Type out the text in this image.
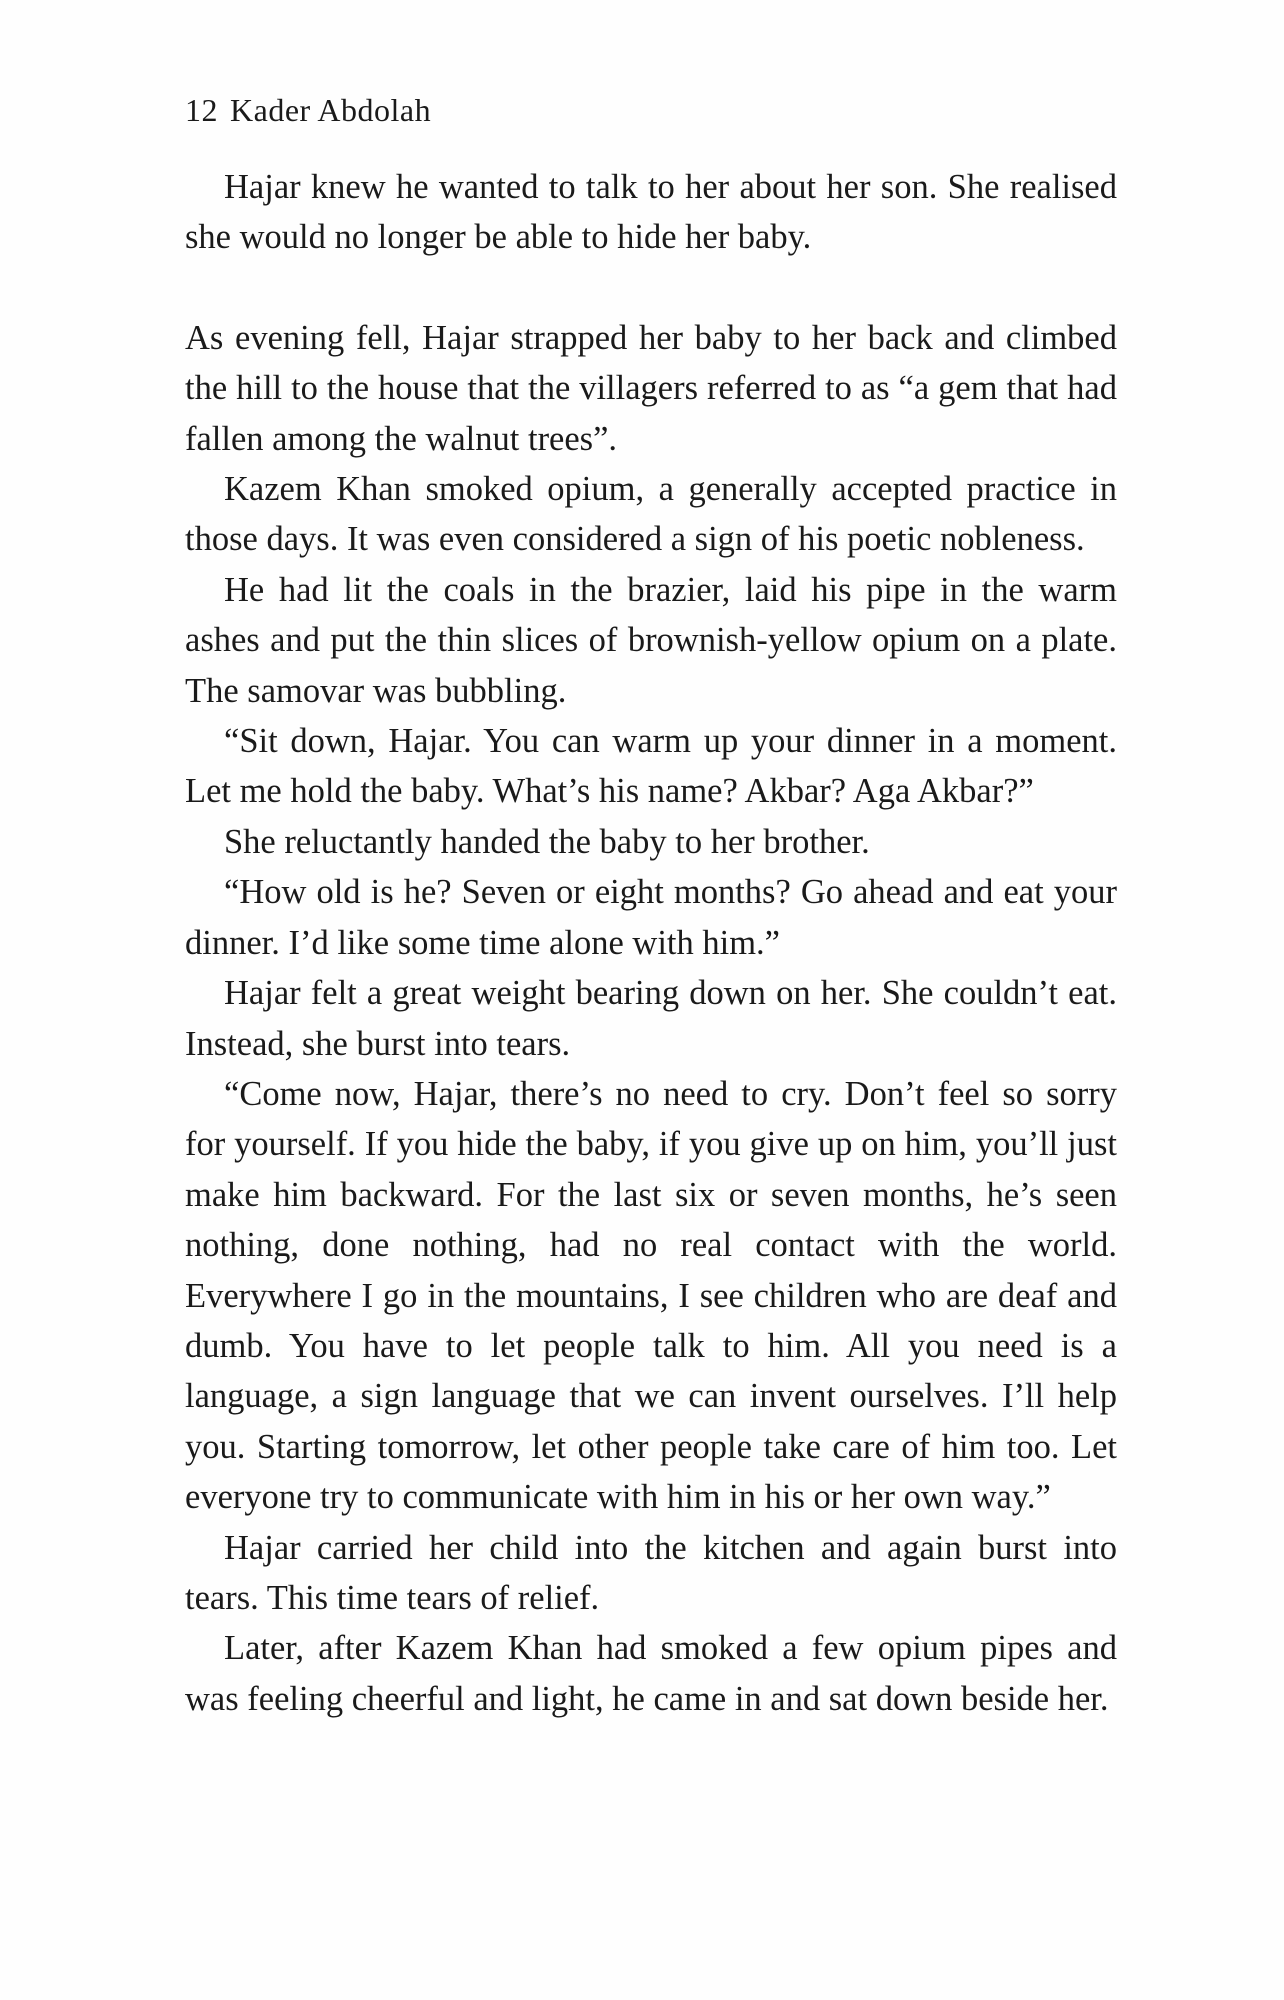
12 Kader Abdolah

Hajar knew he wanted to talk to her about her son. She realised she would no longer be able to hide her baby.

As evening fell, Hajar strapped her baby to her back and climbed the hill to the house that the villagers referred to as “a gem that had fallen among the walnut trees”.

Kazem Khan smoked opium, a generally accepted practice in those days. It was even considered a sign of his poetic nobleness.

He had lit the coals in the brazier, laid his pipe in the warm ashes and put the thin slices of brownish-yellow opium on a plate. The samovar was bubbling.

“Sit down, Hajar. You can warm up your dinner in a moment. Let me hold the baby. What’s his name? Akbar? Aga Akbar?”

She reluctantly handed the baby to her brother.

“How old is he? Seven or eight months? Go ahead and eat your dinner. I’d like some time alone with him.”

Hajar felt a great weight bearing down on her. She couldn’t eat. Instead, she burst into tears.

“Come now, Hajar, there’s no need to cry. Don’t feel so sorry for yourself. If you hide the baby, if you give up on him, you’ll just make him backward. For the last six or seven months, he’s seen nothing, done nothing, had no real contact with the world. Everywhere I go in the mountains, I see children who are deaf and dumb. You have to let people talk to him. All you need is a language, a sign language that we can invent ourselves. I’ll help you. Starting tomorrow, let other people take care of him too. Let everyone try to communicate with him in his or her own way.”

Hajar carried her child into the kitchen and again burst into tears. This time tears of relief.

Later, after Kazem Khan had smoked a few opium pipes and was feeling cheerful and light, he came in and sat down beside her.
